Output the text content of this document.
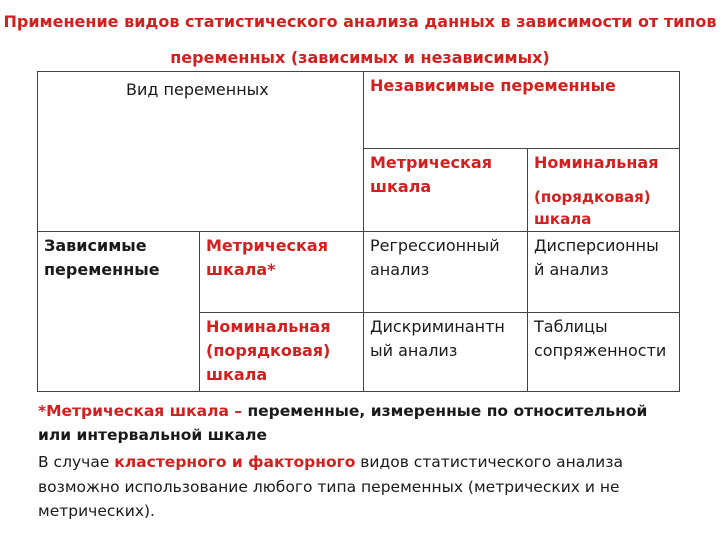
Применение видов статистического анализа данных в зависимости от типов
переменных (зависимых и независимых)
Вид переменных	Независимые переменные
Метрическая
шкала
Номинальная
(порядковая)
шкала
Зависимые
переменные
Метрическая
шкала*
Регрессионный
анализ
Дисперсионны
й анализ
Номинальная
(порядковая)
шкала
Дискриминантн
ый анализ
Таблицы
сопряженности
*Метрическая шкала – переменные, измеренные по относительной
или интервальной шкале
В случае кластерного и факторного видов статистического анализа
возможно использование любого типа переменных (метрических и не
метрических).
